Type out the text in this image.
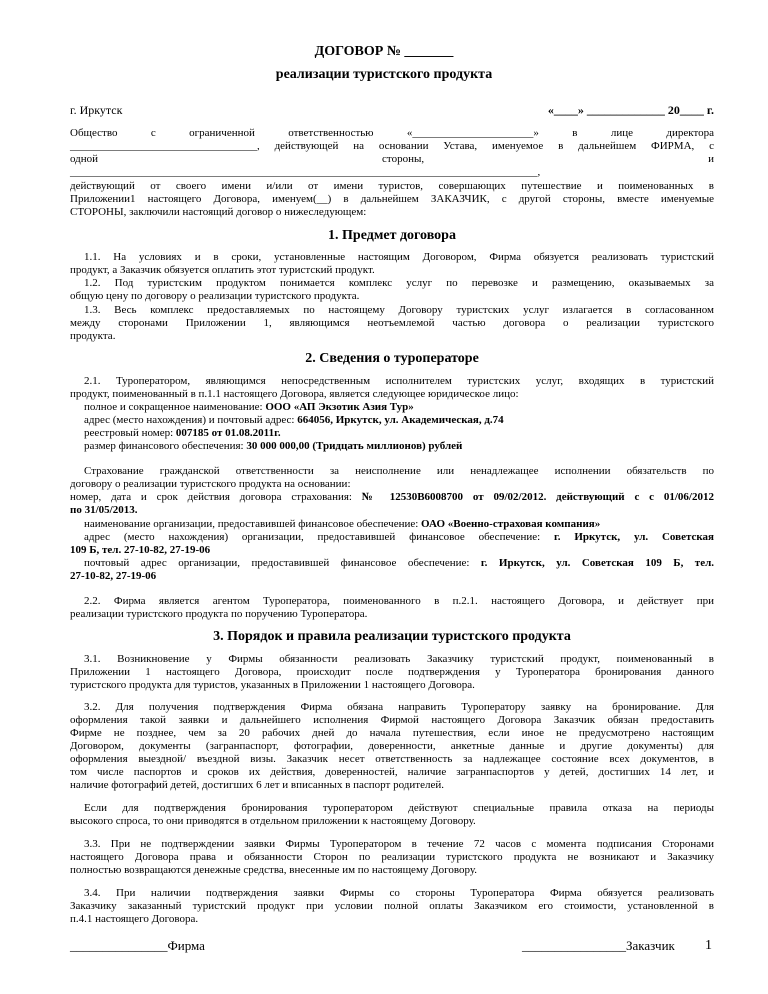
ДОГОВОР № _______
реализации туристского продукта
г. Иркутск	«____» _____________ 20____ г.
Общество с ограниченной ответственностью «______________________» в лице директора
__________________________________, действующей на основании Устава, именуемое в дальнейшем ФИРМА, с
одной стороны, и
_____________________________________________________________________________________,
действующий от своего имени и/или от имени туристов, совершающих путешествие и поименованных в
Приложении1 настоящего Договора, именуем(__) в дальнейшем ЗАКАЗЧИК, с другой стороны, вместе именуемые
СТОРОНЫ, заключили настоящий договор о нижеследующем:
1. Предмет договора
1.1. На условиях и в сроки, установленные настоящим Договором, Фирма обязуется реализовать туристский
продукт, а Заказчик обязуется оплатить этот туристский продукт.
1.2. Под туристским продуктом понимается комплекс услуг по перевозке и размещению, оказываемых за
общую цену по договору о реализации туристского продукта.
1.3. Весь комплекс предоставляемых по настоящему Договору туристских услуг излагается в согласованном
между сторонами Приложении 1, являющимся неотъемлемой частью договора о реализации туристского
продукта.
2. Сведения о туроператоре
2.1. Туроператором, являющимся непосредственным исполнителем туристских услуг, входящих в туристский
продукт, поименованный в п.1.1 настоящего Договора, является следующее юридическое лицо:
полное и сокращенное наименование: ООО «АП Экзотик Азия Тур»
адрес (место нахождения) и почтовый адрес: 664056, Иркутск, ул. Академическая, д.74
реестровый номер: 007185 от 01.08.2011г.
размер финансового обеспечения: 30 000 000,00 (Тридцать миллионов) рублей
Страхование гражданской ответственности за неисполнение или ненадлежащее исполнении обязательств по
договору о реализации туристского продукта на основании:
номер, дата и срок действия договора страхования: № 12530В6008700 от 09/02/2012. действующий с с 01/06/2012
по 31/05/2013.
наименование организации, предоставившей финансовое обеспечение: ОАО «Военно-страховая компания»
адрес (место нахождения) организации, предоставившей финансовое обеспечение: г. Иркутск, ул. Советская
109 Б, тел. 27-10-82, 27-19-06
почтовый адрес организации, предоставившей финансовое обеспечение: г. Иркутск, ул. Советская 109 Б, тел.
27-10-82, 27-19-06
2.2. Фирма является агентом Туроператора, поименованного в п.2.1. настоящего Договора, и действует при
реализации туристского продукта по поручению Туроператора.
3. Порядок и правила реализации туристского продукта
3.1. Возникновение у Фирмы обязанности реализовать Заказчику туристский продукт, поименованный в
Приложении 1 настоящего Договора, происходит после подтверждения у Туроператора бронирования данного
туристского продукта для туристов, указанных в Приложении 1 настоящего Договора.
3.2. Для получения подтверждения Фирма обязана направить Туроператору заявку на бронирование. Для
оформления такой заявки и дальнейшего исполнения Фирмой настоящего Договора Заказчик обязан предоставить
Фирме не позднее, чем за 20 рабочих дней до начала путешествия, если иное не предусмотрено настоящим
Договором, документы (загранпаспорт, фотографии, доверенности, анкетные данные и другие документы) для
оформления выездной/ въездной визы. Заказчик несет ответственность за надлежащее состояние всех документов, в
том числе паспортов и сроков их действия, доверенностей, наличие загранпаспортов у детей, достигших 14 лет, и
наличие фотографий детей, достигших 6 лет и вписанных в паспорт родителей.
Если для подтверждения бронирования туроператором действуют специальные правила отказа на периоды
высокого спроса, то они приводятся в отдельном приложении к настоящему Договору.
3.3. При не подтверждении заявки Фирмы Туроператором в течение 72 часов с момента подписания Сторонами
настоящего Договора права и обязанности Сторон по реализации туристского продукта не возникают и Заказчику
полностью возвращаются денежные средства, внесенные им по настоящему Договору.
3.4. При наличии подтверждения заявки Фирмы со стороны Туроператора Фирма обязуется реализовать
Заказчику заказанный туристский продукт при условии полной оплаты Заказчиком его стоимости, установленной в
п.4.1 настоящего Договора.
_______________Фирма	________________Заказчик 1
